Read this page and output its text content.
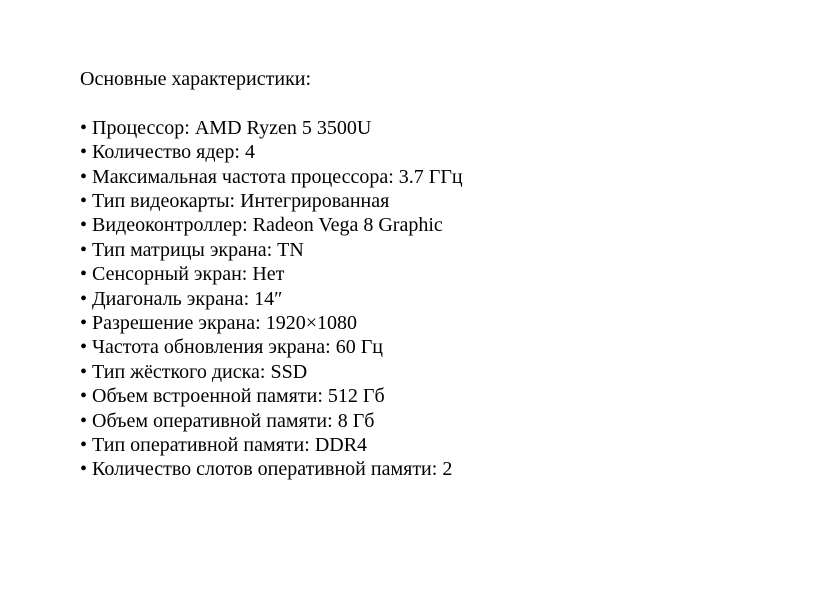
Основные характеристики:

• Процессор: AMD Ryzen 5 3500U
• Количество ядер: 4
• Максимальная частота процессора: 3.7 ГГц
• Тип видеокарты: Интегрированная
• Видеоконтроллер: Radeon Vega 8 Graphic
• Тип матрицы экрана: TN
• Сенсорный экран: Нет
• Диагональ экрана: 14″
• Разрешение экрана: 1920×1080
• Частота обновления экрана: 60 Гц
• Тип жёсткого диска: SSD
• Объем встроенной памяти: 512 Гб
• Объем оперативной памяти: 8 Гб
• Тип оперативной памяти: DDR4
• Количество слотов оперативной памяти: 2
